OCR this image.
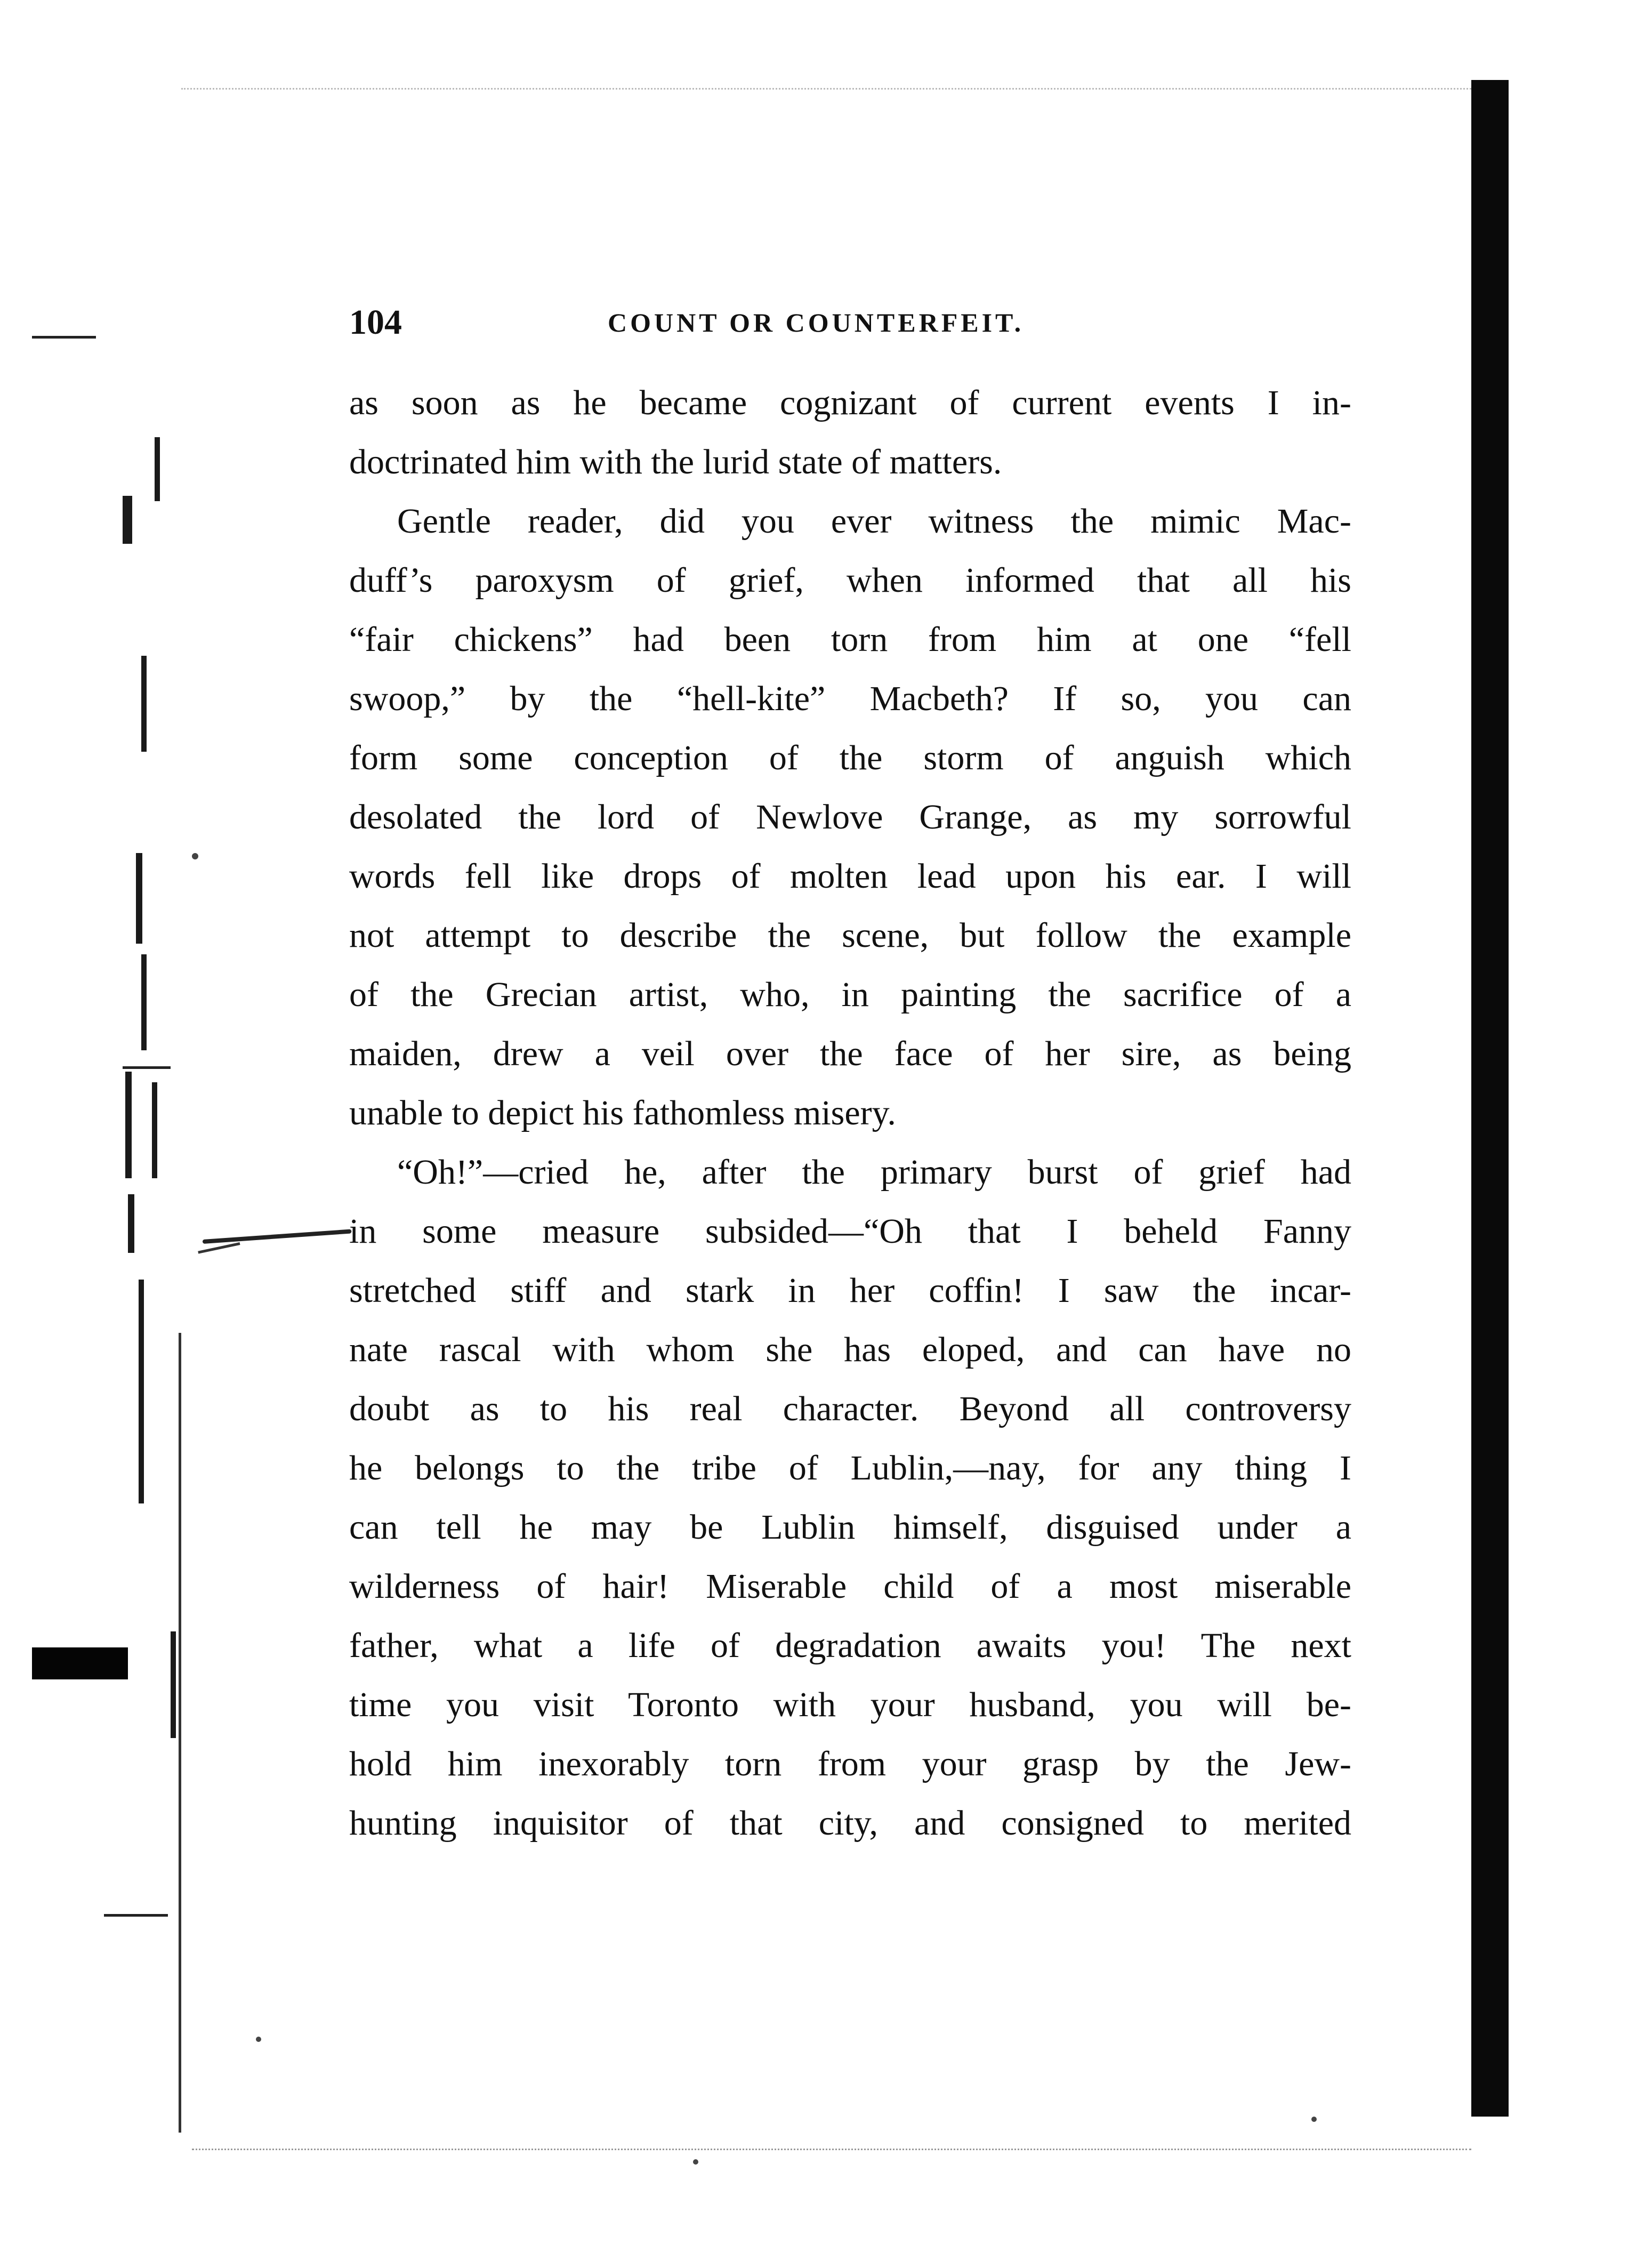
104	COUNT OR COUNTERFEIT.
as soon as he became cognizant of current events I in-
doctrinated him with the lurid state of matters.
Gentle reader, did you ever witness the mimic Mac-
duff’s paroxysm of grief, when informed that all his
“fair chickens” had been torn from him at one “fell
swoop,” by the “hell-kite” Macbeth? If so, you can
form some conception of the storm of anguish which
desolated the lord of Newlove Grange, as my sorrowful
words fell like drops of molten lead upon his ear. I will
not attempt to describe the scene, but follow the example
of the Grecian artist, who, in painting the sacrifice of a
maiden, drew a veil over the face of her sire, as being
unable to depict his fathomless misery.
“Oh!”—cried he, after the primary burst of grief had
in some measure subsided—“Oh that I beheld Fanny
stretched stiff and stark in her coffin! I saw the incar-
nate rascal with whom she has eloped, and can have no
doubt as to his real character. Beyond all controversy
he belongs to the tribe of Lublin,—nay, for any thing I
can tell he may be Lublin himself, disguised under a
wilderness of hair! Miserable child of a most miserable
father, what a life of degradation awaits you! The next
time you visit Toronto with your husband, you will be-
hold him inexorably torn from your grasp by the Jew-
hunting inquisitor of that city, and consigned to merited
